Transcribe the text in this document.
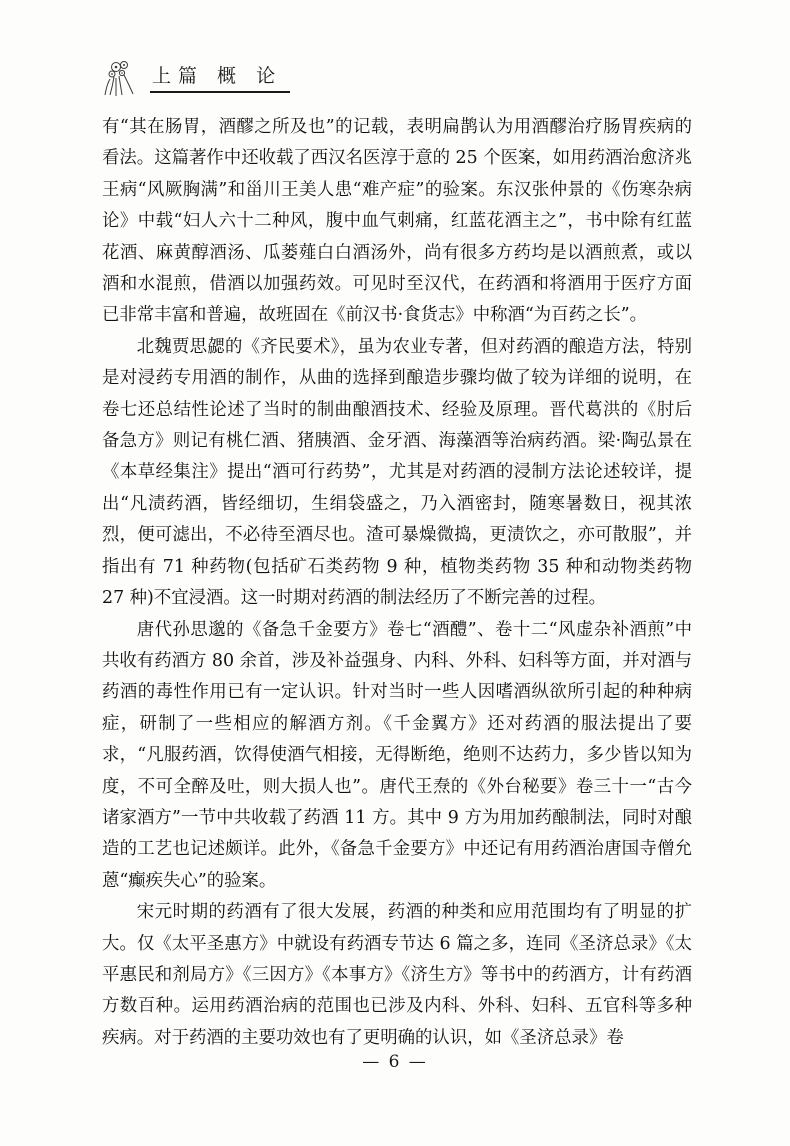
上篇 概 论

有“其在肠胃，酒醪之所及也”的记载，表明扁鹊认为用酒醪治疗肠胃疾病的看法。这篇著作中还收载了西汉名医淳于意的 25 个医案，如用药酒治愈济兆王病“风厥胸满”和甾川王美人患“难产症”的验案。东汉张仲景的《伤寒杂病论》中载“妇人六十二种风，腹中血气刺痛，红蓝花酒主之”，书中除有红蓝花酒、麻黄醇酒汤、瓜蒌薤白白酒汤外，尚有很多方药均是以酒煎煮，或以酒和水混煎，借酒以加强药效。可见时至汉代，在药酒和将酒用于医疗方面已非常丰富和普遍，故班固在《前汉书·食货志》中称酒“为百药之长”。

北魏贾思勰的《齐民要术》，虽为农业专著，但对药酒的酿造方法，特别是对浸药专用酒的制作，从曲的选择到酿造步骤均做了较为详细的说明，在卷七还总结性论述了当时的制曲酿酒技术、经验及原理。晋代葛洪的《肘后备急方》则记有桃仁酒、猪胰酒、金牙酒、海藻酒等治病药酒。梁·陶弘景在《本草经集注》提出“酒可行药势”，尤其是对药酒的浸制方法论述较详，提出“凡渍药酒，皆经细切，生绢袋盛之，乃入酒密封，随寒暑数日，视其浓烈，便可滤出，不必待至酒尽也。渣可暴燥微捣，更渍饮之，亦可散服”，并指出有 71 种药物(包括矿石类药物 9 种，植物类药物 35 种和动物类药物 27 种)不宜浸酒。这一时期对药酒的制法经历了不断完善的过程。

唐代孙思邈的《备急千金要方》卷七“酒醴”、卷十二“风虚杂补酒煎”中共收有药酒方 80 余首，涉及补益强身、内科、外科、妇科等方面，并对酒与药酒的毒性作用已有一定认识。针对当时一些人因嗜酒纵欲所引起的种种病症，研制了一些相应的解酒方剂。《千金翼方》还对药酒的服法提出了要求，“凡服药酒，饮得使酒气相接，无得断绝，绝则不达药力，多少皆以知为度，不可全醉及吐，则大损人也”。唐代王焘的《外台秘要》卷三十一“古今诸家酒方”一节中共收载了药酒 11 方。其中 9 方为用加药酿制法，同时对酿造的工艺也记述颇详。此外，《备急千金要方》中还记有用药酒治唐国寺僧允蒽“癫疾失心”的验案。

宋元时期的药酒有了很大发展，药酒的种类和应用范围均有了明显的扩大。仅《太平圣惠方》中就设有药酒专节达 6 篇之多，连同《圣济总录》《太平惠民和剂局方》《三因方》《本事方》《济生方》等书中的药酒方，计有药酒方数百种。运用药酒治病的范围也已涉及内科、外科、妇科、五官科等多种疾病。对于药酒的主要功效也有了更明确的认识，如《圣济总录》卷

— 6 —
